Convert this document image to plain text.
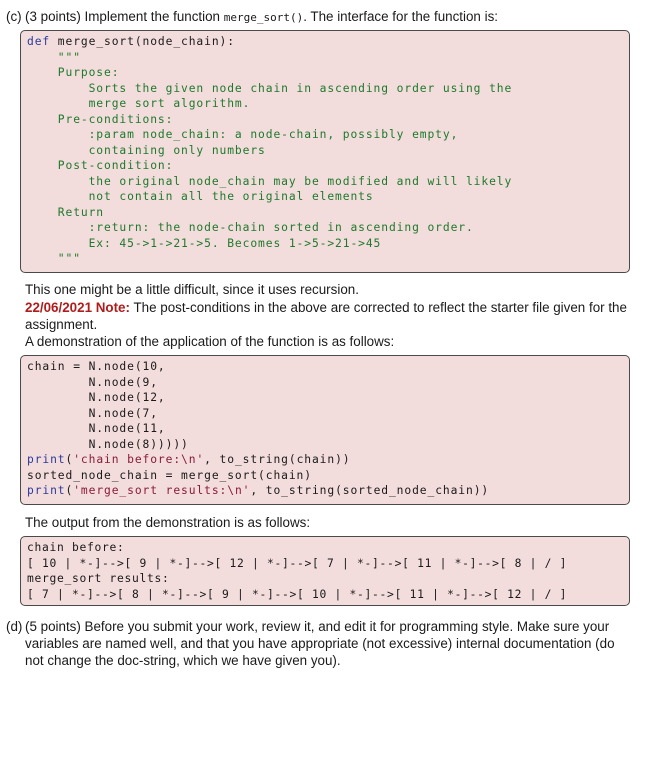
(c) (3 points) Implement the function merge_sort(). The interface for the function is:
def merge_sort(node_chain):
"""
Purpose:
Sorts the given node chain in ascending order using the
merge sort algorithm.
Pre-conditions:
:param node_chain: a node-chain, possibly empty,
containing only numbers
Post-condition:
the original node_chain may be modified and will likely
not contain all the original elements
Return
:return: the node-chain sorted in ascending order.
Ex: 45->1->21->5. Becomes 1->5->21->45
"""
This one might be a little difficult, since it uses recursion.
22/06/2021 Note: The post-conditions in the above are corrected to reflect the starter file given for the assignment.
A demonstration of the application of the function is as follows:
chain = N.node(10,
N.node(9,
N.node(12,
N.node(7,
N.node(11,
N.node(8)))))
print('chain before:\n', to_string(chain))
sorted_node_chain = merge_sort(chain)
print('merge_sort results:\n', to_string(sorted_node_chain))
The output from the demonstration is as follows:
chain before:
[ 10 | *-]-->[ 9 | *-]-->[ 12 | *-]-->[ 7 | *-]-->[ 11 | *-]-->[ 8 | / ]
merge_sort results:
[ 7 | *-]-->[ 8 | *-]-->[ 9 | *-]-->[ 10 | *-]-->[ 11 | *-]-->[ 12 | / ]
(d) (5 points) Before you submit your work, review it, and edit it for programming style. Make sure your variables are named well, and that you have appropriate (not excessive) internal documentation (do not change the doc-string, which we have given you).
